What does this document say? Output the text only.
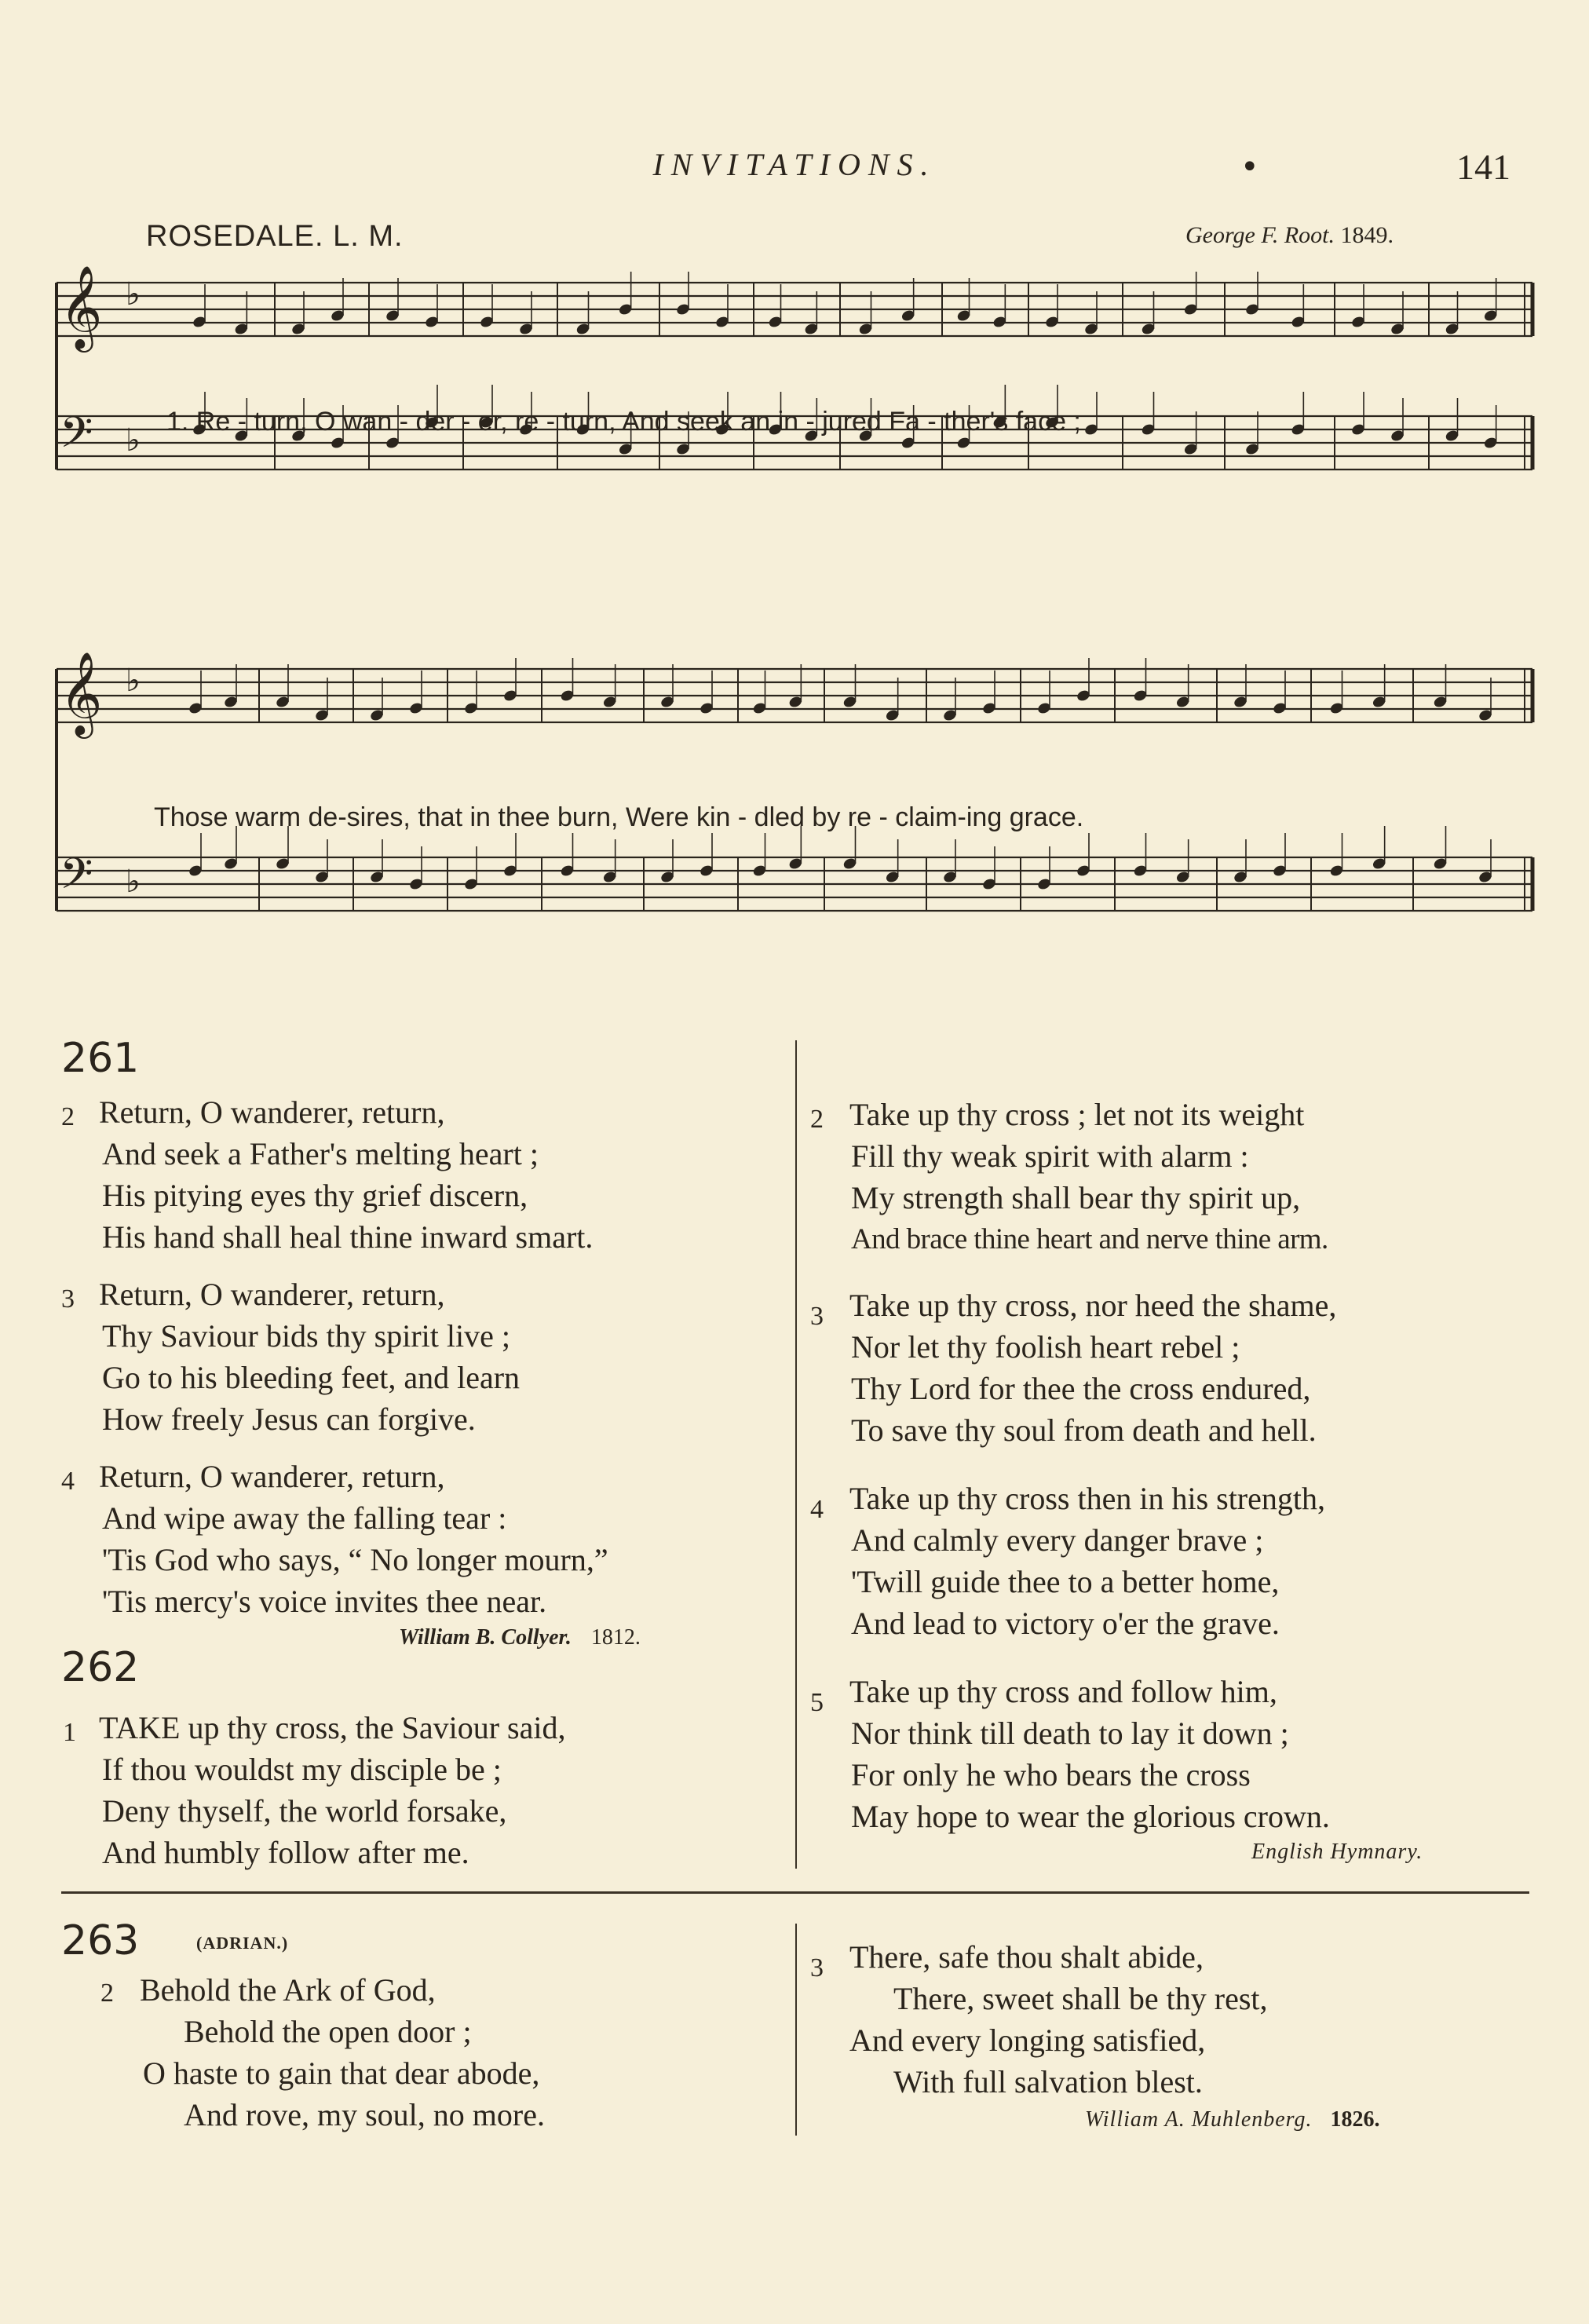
INVITATIONS.	•	141
ROSEDALE. L. M.	George F. Root. 1849.
𝄞 ♭
𝄢 ♭
1. Re - turn, O wan - der - er, re - turn, And seek an in - jured Fa - ther's face ;
𝄞 ♭
𝄢 ♭
Those warm de-sires, that in thee burn, Were kin - dled by re - claim-ing grace.
261
2 Return, O wanderer, return,
And seek a Father's melting heart ;
His pitying eyes thy grief discern,
His hand shall heal thine inward smart.
3 Return, O wanderer, return,
Thy Saviour bids thy spirit live ;
Go to his bleeding feet, and learn
How freely Jesus can forgive.
4 Return, O wanderer, return,
And wipe away the falling tear :
'Tis God who says, “ No longer mourn,”
'Tis mercy's voice invites thee near.
William B. Collyer. 1812.
262
1 TAKE up thy cross, the Saviour said,
If thou wouldst my disciple be ;
Deny thyself, the world forsake,
And humbly follow after me.
2 Take up thy cross ; let not its weight
Fill thy weak spirit with alarm :
My strength shall bear thy spirit up,
And brace thine heart and nerve thine arm.
3 Take up thy cross, nor heed the shame,
Nor let thy foolish heart rebel ;
Thy Lord for thee the cross endured,
To save thy soul from death and hell.
4 Take up thy cross then in his strength,
And calmly every danger brave ;
'Twill guide thee to a better home,
And lead to victory o'er the grave.
5 Take up thy cross and follow him,
Nor think till death to lay it down ;
For only he who bears the cross
May hope to wear the glorious crown.
English Hymnary.
263	(ADRIAN.)
2 Behold the Ark of God,
Behold the open door ;
O haste to gain that dear abode,
And rove, my soul, no more.
3 There, safe thou shalt abide,
There, sweet shall be thy rest,
And every longing satisfied,
With full salvation blest.
William A. Muhlenberg. 1826.
